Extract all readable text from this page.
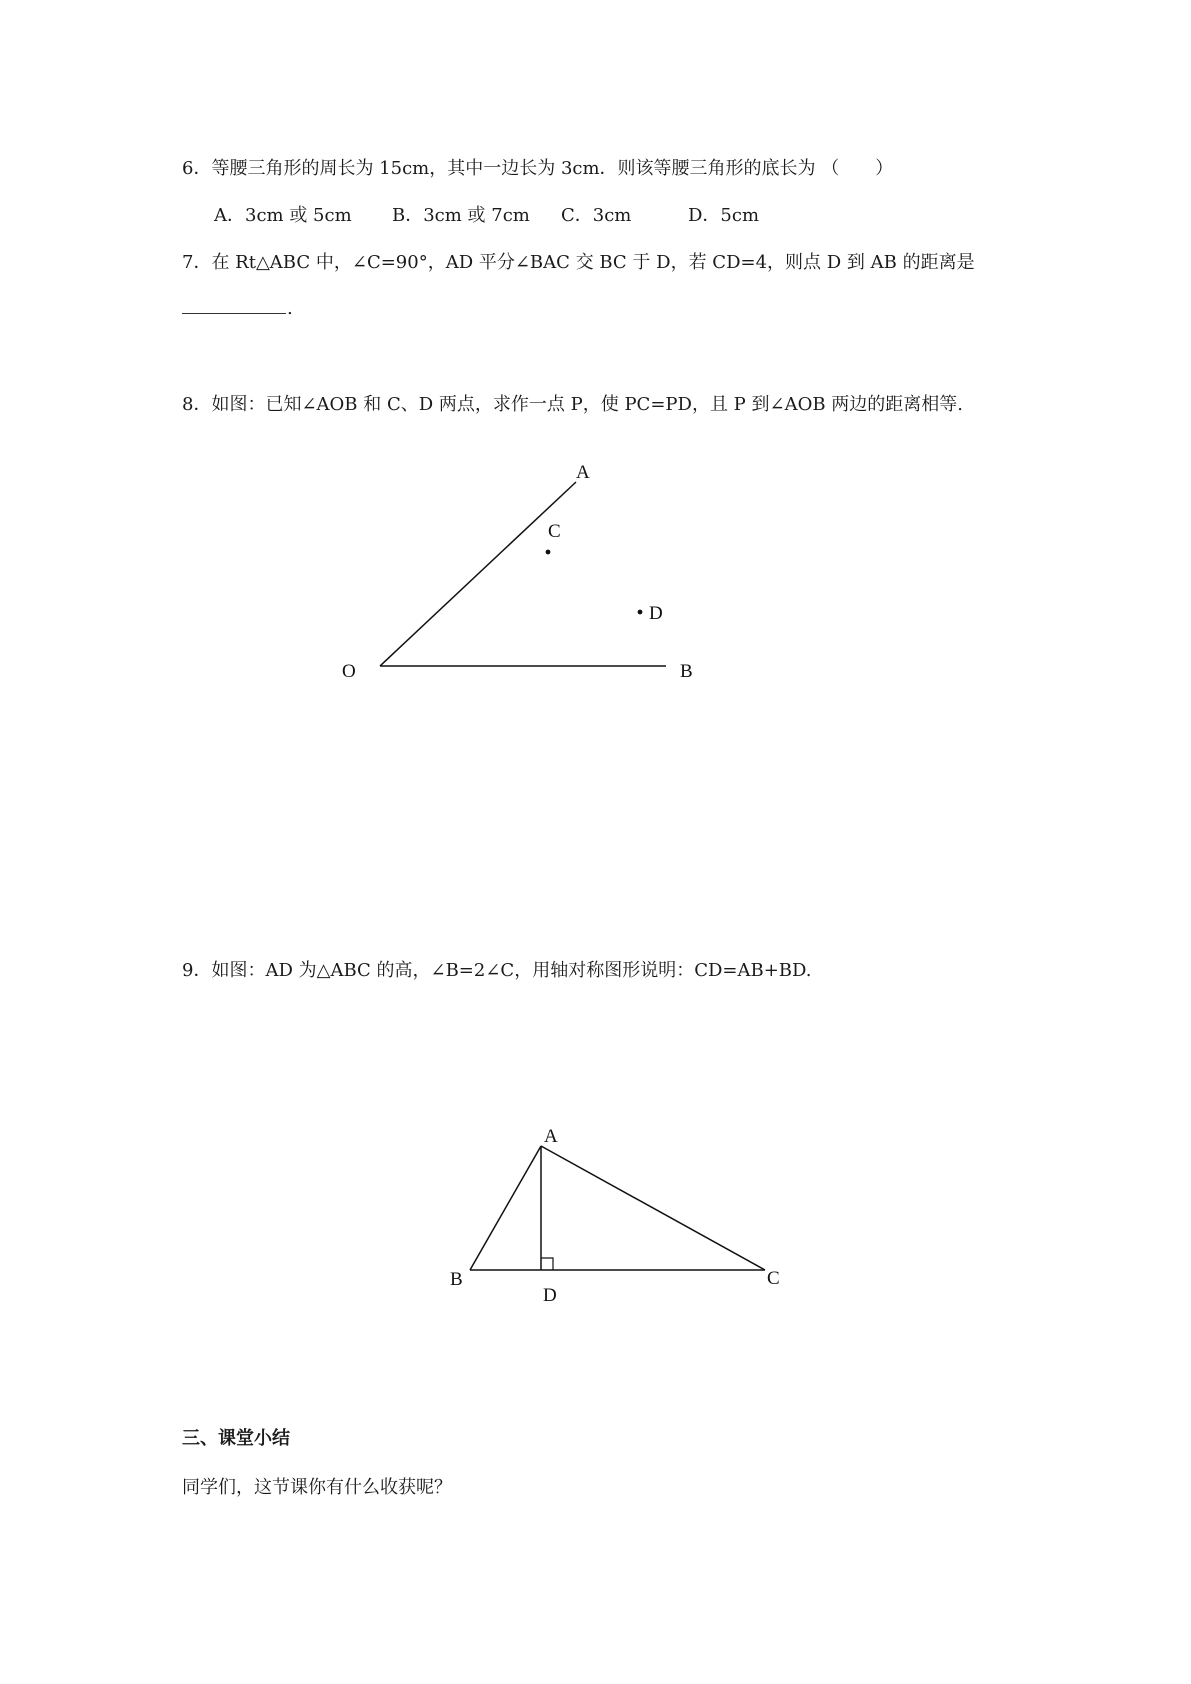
6．等腰三角形的周长为 15cm，其中一边长为 3cm．则该等腰三角形的底长为 （　　）
A．3cm 或 5cm B．3cm 或 7cm C．3cm	D．5cm
7．在 Rt△ABC 中，∠C=90°，AD 平分∠BAC 交 BC 于 D，若 CD=4，则点 D 到 AB 的距离是
.
8．如图：已知∠AOB 和 C、D 两点，求作一点 P，使 PC=PD，且 P 到∠AOB 两边的距离相等.
A
C
D
O	B
9．如图：AD 为△ABC 的高，∠B=2∠C，用轴对称图形说明：CD=AB+BD.
A
B
D
C
三、课堂小结
同学们，这节课你有什么收获呢？
